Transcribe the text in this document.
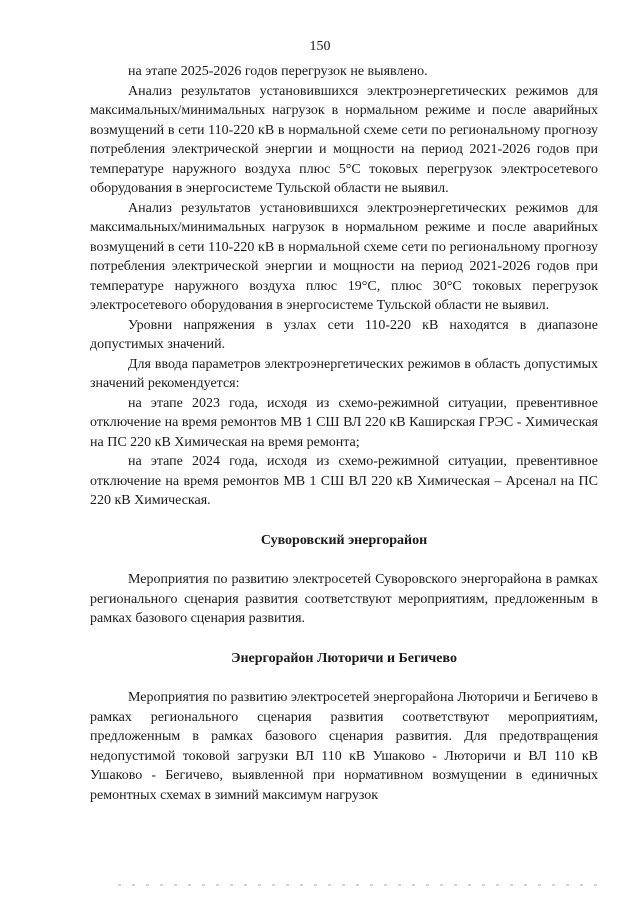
150

на этапе 2025-2026 годов перегрузок не выявлено.

Анализ результатов установившихся электроэнергетических режимов для максимальных/минимальных нагрузок в нормальном режиме и после аварийных возмущений в сети 110-220 кВ в нормальной схеме сети по региональному прогнозу потребления электрической энергии и мощности на период 2021-2026 годов при температуре наружного воздуха плюс 5°С токовых перегрузок электросетевого оборудования в энергосистеме Тульской области не выявил.

Анализ результатов установившихся электроэнергетических режимов для максимальных/минимальных нагрузок в нормальном режиме и после аварийных возмущений в сети 110-220 кВ в нормальной схеме сети по региональному прогнозу потребления электрической энергии и мощности на период 2021-2026 годов при температуре наружного воздуха плюс 19°С, плюс 30°С токовых перегрузок электросетевого оборудования в энергосистеме Тульской области не выявил.

Уровни напряжения в узлах сети 110-220 кВ находятся в диапазоне допустимых значений.

Для ввода параметров электроэнергетических режимов в область допустимых значений рекомендуется:

на этапе 2023 года, исходя из схемо-режимной ситуации, превентивное отключение на время ремонтов МВ 1 СШ ВЛ 220 кВ Каширская ГРЭС - Химическая на ПС 220 кВ Химическая на время ремонта;

на этапе 2024 года, исходя из схемо-режимной ситуации, превентивное отключение на время ремонтов МВ 1 СШ ВЛ 220 кВ Химическая – Арсенал на ПС 220 кВ Химическая.

Суворовский энергорайон

Мероприятия по развитию электросетей Суворовского энергорайона в рамках регионального сценария развития соответствуют мероприятиям, предложенным в рамках базового сценария развития.

Энергорайон Люторичи и Бегичево

Мероприятия по развитию электросетей энергорайона Люторичи и Бегичево в рамках регионального сценария развития соответствуют мероприятиям, предложенным в рамках базового сценария развития. Для предотвращения недопустимой токовой загрузки ВЛ 110 кВ Ушаково - Люторичи и ВЛ 110 кВ Ушаково - Бегичево, выявленной при нормативном возмущении в единичных ремонтных схемах в зимний максимум нагрузок
